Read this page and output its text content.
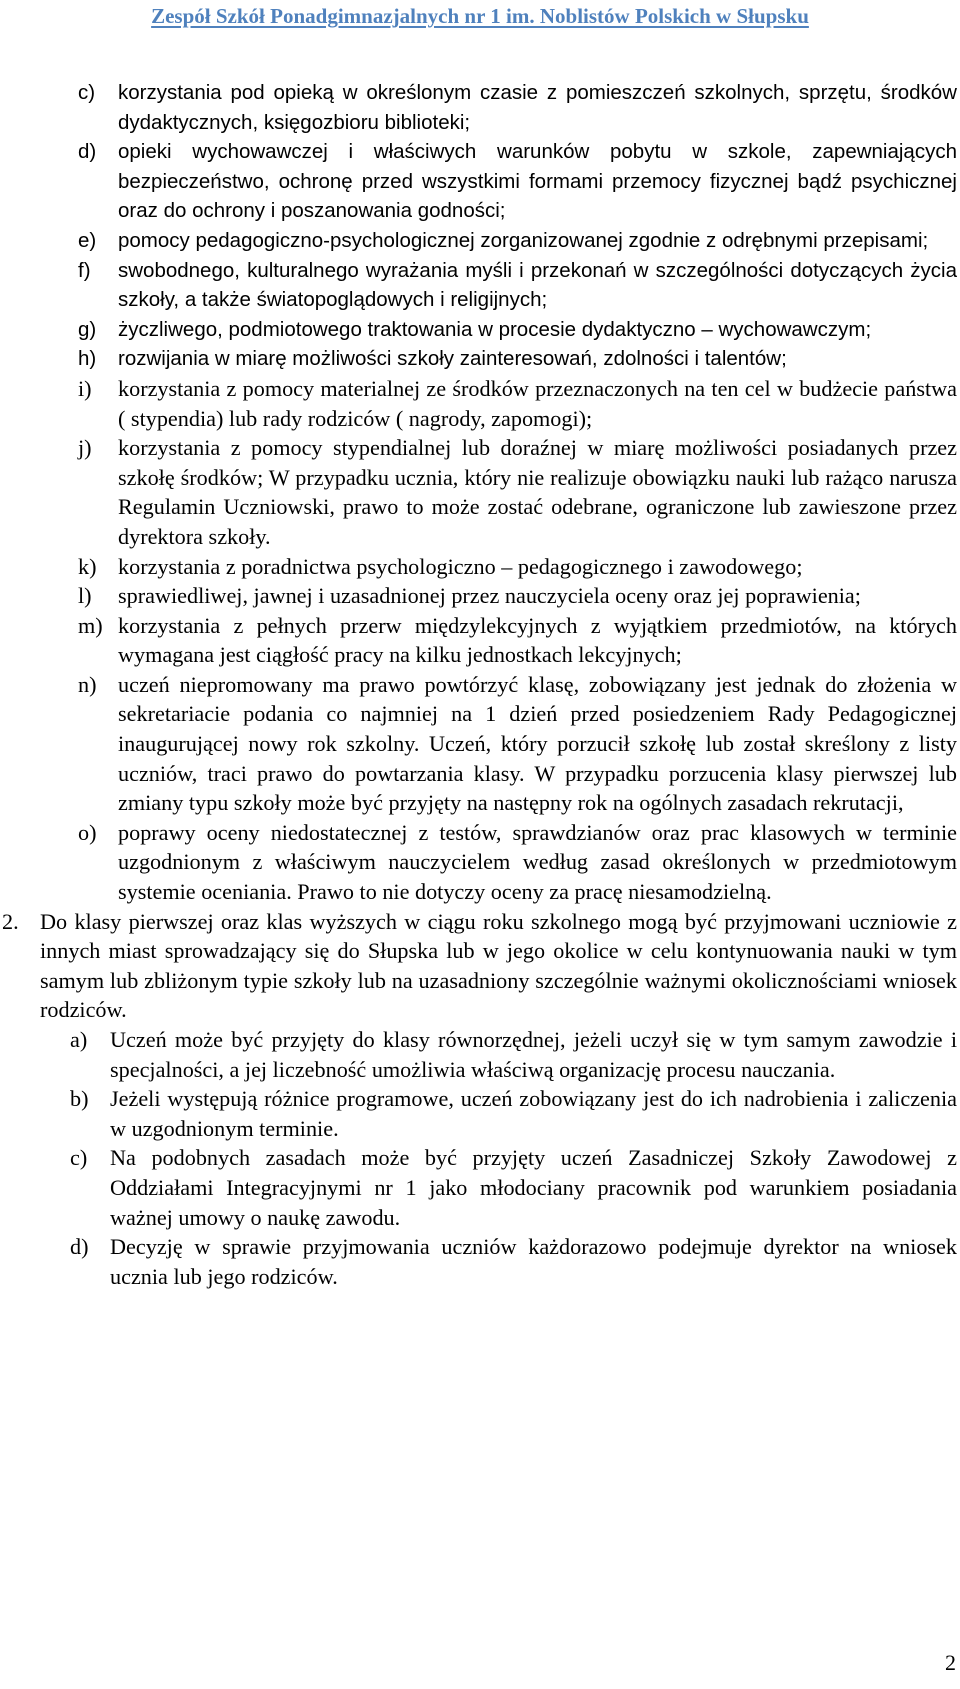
Zespół Szkół Ponadgimnazjalnych nr 1 im. Noblistów Polskich w Słupsku
c)	korzystania pod opieką w określonym czasie z pomieszczeń szkolnych, sprzętu, środków dydaktycznych, księgozbioru biblioteki;
d)	opieki wychowawczej i właściwych warunków pobytu w szkole, zapewniających bezpieczeństwo, ochronę przed wszystkimi formami przemocy fizycznej bądź psychicznej oraz do ochrony i poszanowania godności;
e)	pomocy pedagogiczno-psychologicznej zorganizowanej zgodnie z odrębnymi przepisami;
f)	swobodnego, kulturalnego wyrażania myśli i przekonań w szczególności dotyczących życia szkoły, a także światopoglądowych i religijnych;
g)	życzliwego, podmiotowego traktowania w procesie dydaktyczno – wychowawczym;
h)	rozwijania w miarę możliwości szkoły zainteresowań, zdolności i talentów;
i)	korzystania z pomocy materialnej ze środków przeznaczonych na ten cel w budżecie państwa ( stypendia) lub rady rodziców ( nagrody, zapomogi);
j)	korzystania z pomocy stypendialnej lub doraźnej w miarę możliwości posiadanych przez szkołę środków; W przypadku ucznia, który nie realizuje obowiązku nauki lub rażąco narusza Regulamin Uczniowski, prawo to może zostać odebrane, ograniczone lub zawieszone przez dyrektora szkoły.
k) korzystania z poradnictwa psychologiczno – pedagogicznego i zawodowego;
l)	sprawiedliwej, jawnej i uzasadnionej przez nauczyciela oceny oraz jej poprawienia;
m) korzystania z pełnych przerw międzylekcyjnych z wyjątkiem przedmiotów, na których wymagana jest ciągłość pracy na kilku jednostkach lekcyjnych;
n) uczeń niepromowany ma prawo powtórzyć klasę, zobowiązany jest jednak do złożenia w sekretariacie podania co najmniej na 1 dzień przed posiedzeniem Rady Pedagogicznej inaugurującej nowy rok szkolny. Uczeń, który porzucił szkołę lub został skreślony z listy uczniów, traci prawo do powtarzania klasy. W przypadku porzucenia klasy pierwszej lub zmiany typu szkoły może być przyjęty na następny rok na ogólnych zasadach rekrutacji,
o) poprawy oceny niedostatecznej z testów, sprawdzianów oraz prac klasowych w terminie uzgodnionym z właściwym nauczycielem według zasad określonych w przedmiotowym systemie oceniania. Prawo to nie dotyczy oceny za pracę niesamodzielną.
2. Do klasy pierwszej oraz klas wyższych w ciągu roku szkolnego mogą być przyjmowani uczniowie z innych miast sprowadzający się do Słupska lub w jego okolice w celu kontynuowania nauki w tym samym lub zbliżonym typie szkoły lub na uzasadniony szczególnie ważnymi okolicznościami wniosek rodziców.
a)	Uczeń może być przyjęty do klasy równorzędnej, jeżeli uczył się w tym samym zawodzie i specjalności, a jej liczebność umożliwia właściwą organizację procesu nauczania.
b) Jeżeli występują różnice programowe, uczeń zobowiązany jest do ich nadrobienia i zaliczenia w uzgodnionym terminie.
c)	Na podobnych zasadach może być przyjęty uczeń Zasadniczej Szkoły Zawodowej z Oddziałami Integracyjnymi nr 1 jako młodociany pracownik pod warunkiem posiadania ważnej umowy o naukę zawodu.
d) Decyzję w sprawie przyjmowania uczniów każdorazowo podejmuje dyrektor na wniosek ucznia lub jego rodziców.
2
